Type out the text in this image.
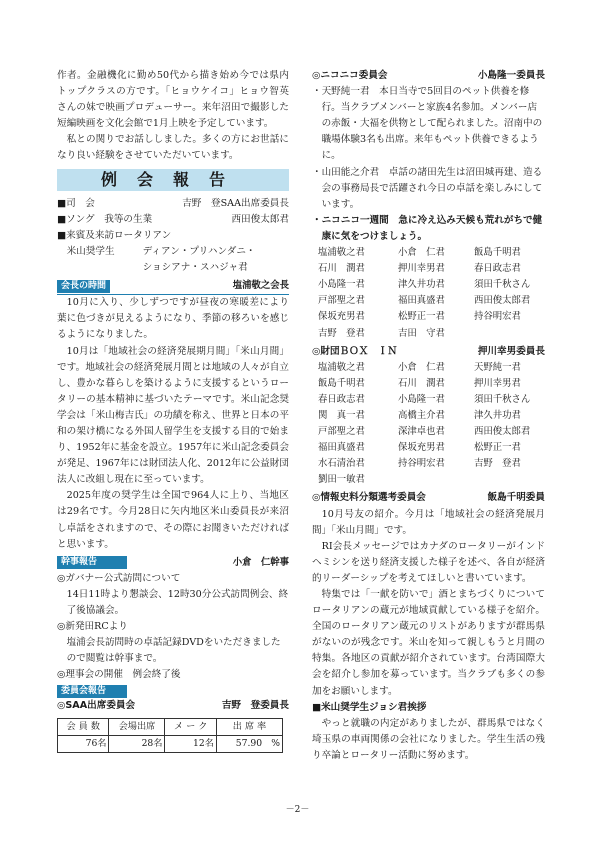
作者。金融機化に勤め50代から描き始め今では県内トップクラスの方です。「ヒョウケイコ」ヒョウ智英さんの妹で映画プロデューサー。来年沼田で撮影した短編映画を文化会館で1月上映を予定しています。

私との関りでお話ししました。多くの方にお世話になり良い経験をさせていただいています。

例会報告
■司　会	吉野　登SAA出席委員長
■ソング　我等の生業	西田俊太郎君
■来賓及来訪ロータリアン
米山奨学生	ディアン・プリハンダニ・
ショシアナ・スハジャ君
会長の時間	塩浦敬之会長

10月に入り、少しずつですが昼夜の寒暖差により葉に色づきが見えるようになり、季節の移ろいを感じるようになりました。

10月は「地域社会の経済発展期月間」「米山月間」です。地域社会の経済発展月間とは地域の人々が自立し、豊かな暮らしを築けるように支援するというロータリーの基本精神に基づいたテーマです。米山記念奨学会は「米山梅吉氏」の功績を称え、世界と日本の平和の架け橋になる外国人留学生を支援する目的で始まり、1952年に基金を設立。1957年に米山記念委員会が発足、1967年には財団法人化、2012年に公益財団法人に改組し現在に至っています。

2025年度の奨学生は全国で964人に上り、当地区は29名です。今月28日に矢内地区米山委員長が来沼し卓話をされますので、その際にお聞きいただければと思います。

幹事報告	小倉　仁幹事
◎ガバナー公式訪問について
14日11時より懇談会、12時30分公式訪問例会、終了後協議会。
◎新発田RCより
塩浦会長訪問時の卓話記録DVDをいただきましたので閲覧は幹事まで。
◎理事会の開催　例会終了後
委員会報告
◎SAA出席委員会	吉野　登委員長
会 員 数	会場出席	メ ー ク	出 席 率
76名	28名	12名	57.90　%
◎ニコニコ委員会	小島隆一委員長
・天野純一君　本日当寺で5回目のペット供養を修行。当クラブメンバーと家族4名参加。メンバー店の赤飯・大福を供物として配られました。沼南中の職場体験3名も出席。来年もペット供養できるように。
・山田能之介君　卓話の諸田先生は沼田城再建、造る会の事務局長で活躍され今日の卓話を楽しみにしています。
・ニコニコ一週間　急に冷え込み天候も荒れがちで健康に気をつけましょう。
塩浦敬之君	小倉　仁君	飯島千明君
石川　潤君	押川幸男君	春日政志君
小島隆一君	津久井功君	須田千秋さん
戸部聖之君	福田真盛君	西田俊太郎君
保坂充男君	松野正一君	持谷明宏君
吉野　登君	吉田　守君
◎財団ＢＯＸ　ＩＮ	押川幸男委員長
塩浦敬之君	小倉　仁君	天野純一君
飯島千明君	石川　潤君	押川幸男君
春日政志君	小島隆一君	須田千秋さん
関　真一君	高橋主介君	津久井功君
戸部聖之君	深津卓也君	西田俊太郎君
福田真盛君	保坂充男君	松野正一君
水石清治君	持谷明宏君	吉野　登君
劉田一敏君
◎情報史料分類選考委員会	飯島千明委員

10月号友の紹介。今月は「地域社会の経済発展月間」「米山月間」です。

RI会長メッセージではカナダのロータリーがインドヘミシンを送り経済支援した様子を述べ、各自が経済的リーダーシップを考えてほしいと書いています。

特集では「一献を防いで」酒とまちづくりについてロータリアンの蔵元が地域貢献している様子を紹介。全国のロータリアン蔵元のリストがありますが群馬県がないのが残念です。米山を知って親しもうと月間の特集。各地区の貢献が紹介されています。台湾国際大会を紹介し参加を募っています。当クラブも多くの参加をお願いします。

■米山奨学生ジョシ君挨拶

やっと就職の内定がありましたが、群馬県ではなく埼玉県の車両関係の会社になりました。学生生活の残り卒論とロータリー活動に努めます。

－2－
